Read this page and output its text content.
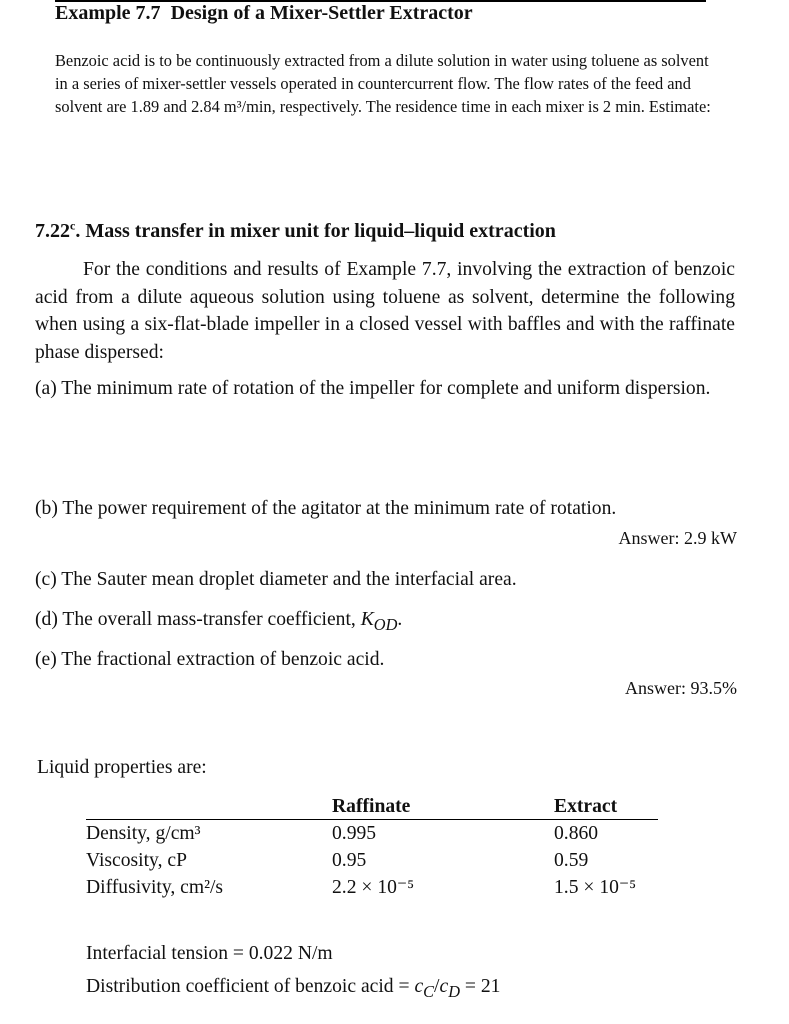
Example 7.7 Design of a Mixer-Settler Extractor
Benzoic acid is to be continuously extracted from a dilute solution in water using toluene as solvent in a series of mixer-settler vessels operated in countercurrent flow. The flow rates of the feed and solvent are 1.89 and 2.84 m³/min, respectively. The residence time in each mixer is 2 min. Estimate:
7.22$^c$. Mass transfer in mixer unit for liquid–liquid extraction
For the conditions and results of Example 7.7, involving the extraction of benzoic acid from a dilute aqueous solution using toluene as solvent, determine the following when using a six-flat-blade impeller in a closed vessel with baffles and with the raffinate phase dispersed:
(a) The minimum rate of rotation of the impeller for complete and uniform dispersion.
(b) The power requirement of the agitator at the minimum rate of rotation.
Answer: 2.9 kW
(c) The Sauter mean droplet diameter and the interfacial area.
(d) The overall mass-transfer coefficient, $K_{OD}$.
(e) The fractional extraction of benzoic acid.
Answer: 93.5%
Liquid properties are:
	Raffinate	Extract
Density, g/cm³	0.995	0.860
Viscosity, cP	0.95	0.59
Diffusivity, cm²/s	2.2 × 10⁻⁵	1.5 × 10⁻⁵
Interfacial tension = 0.022 N/m
Distribution coefficient of benzoic acid = $c_C/c_D = 21$
